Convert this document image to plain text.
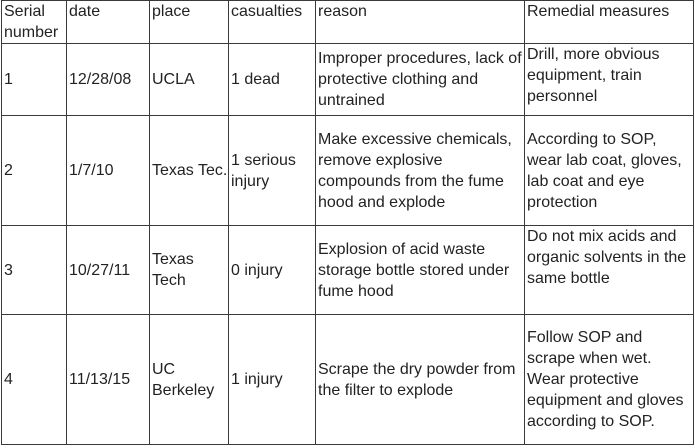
Serial number	date	place	casualties	reason	Remedial measures
1	12/28/08	UCLA	1 dead	Improper procedures, lack of protective clothing and untrained	Drill, more obvious equipment, train personnel
2	1/7/10	Texas Tec.	1 serious injury	Make excessive chemicals, remove explosive compounds from the fume hood and explode	According to SOP, wear lab coat, gloves, lab coat and eye protection
3	10/27/11	Texas Tech	0 injury	Explosion of acid waste storage bottle stored under fume hood	Do not mix acids and organic solvents in the same bottle
4	11/13/15	UC Berkeley	1 injury	Scrape the dry powder from the filter to explode	Follow SOP and scrape when wet. Wear protective equipment and gloves according to SOP.
